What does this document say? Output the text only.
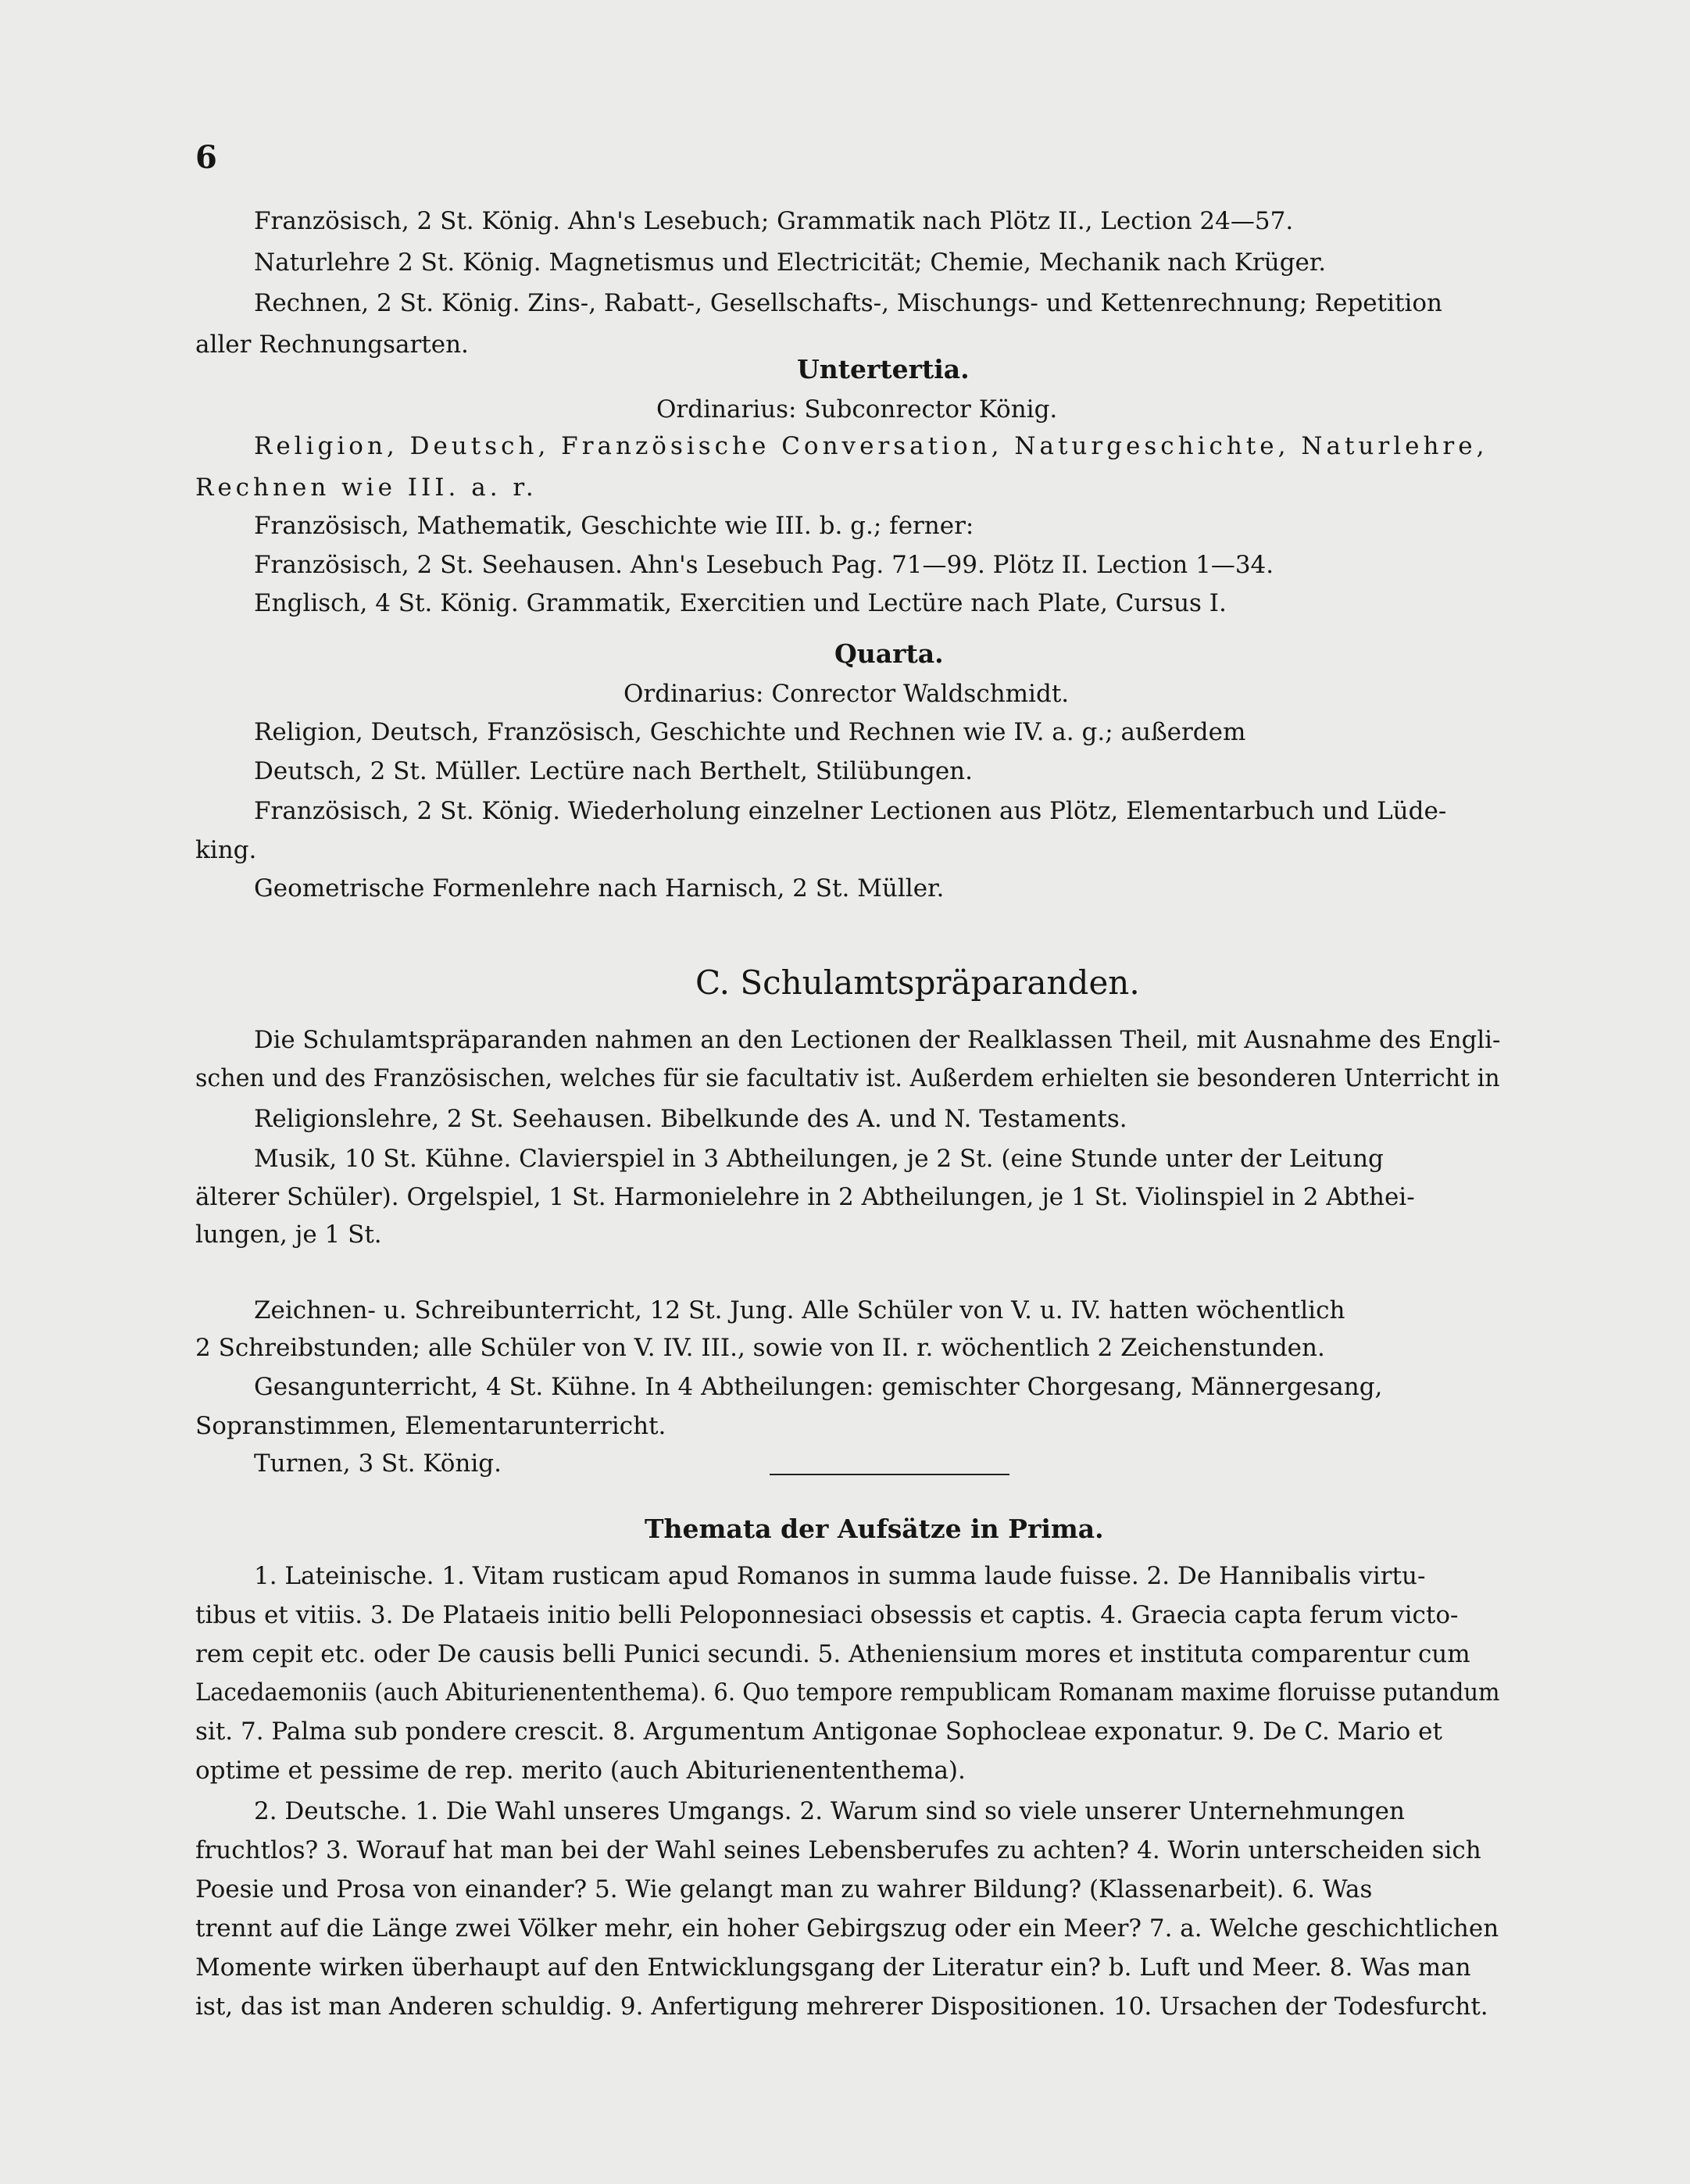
6
Französisch, 2 St. König. Ahn's Lesebuch; Grammatik nach Plötz II., Lection 24—57.
Naturlehre 2 St. König. Magnetismus und Electricität; Chemie, Mechanik nach Krüger.
Rechnen, 2 St. König. Zins-, Rabatt-, Gesellschafts-, Mischungs- und Kettenrechnung; Repetition
aller Rechnungsarten.
Untertertia.
Ordinarius: Subconrector König.
Religion, Deutsch, Französische Conversation, Naturgeschichte, Naturlehre,
Rechnen wie III. a. r.
Französisch, Mathematik, Geschichte wie III. b. g.; ferner:
Französisch, 2 St. Seehausen. Ahn's Lesebuch Pag. 71—99. Plötz II. Lection 1—34.
Englisch, 4 St. König. Grammatik, Exercitien und Lectüre nach Plate, Cursus I.
Quarta.
Ordinarius: Conrector Waldschmidt.
Religion, Deutsch, Französisch, Geschichte und Rechnen wie IV. a. g.; außerdem
Deutsch, 2 St. Müller. Lectüre nach Berthelt, Stilübungen.
Französisch, 2 St. König. Wiederholung einzelner Lectionen aus Plötz, Elementarbuch und Lüde-
king.
Geometrische Formenlehre nach Harnisch, 2 St. Müller.
C. Schulamtspräparanden.
Die Schulamtspräparanden nahmen an den Lectionen der Realklassen Theil, mit Ausnahme des Engli-
schen und des Französischen, welches für sie facultativ ist. Außerdem erhielten sie besonderen Unterricht in
Religionslehre, 2 St. Seehausen. Bibelkunde des A. und N. Testaments.
Musik, 10 St. Kühne. Clavierspiel in 3 Abtheilungen, je 2 St. (eine Stunde unter der Leitung
älterer Schüler). Orgelspiel, 1 St. Harmonielehre in 2 Abtheilungen, je 1 St. Violinspiel in 2 Abthei-
lungen, je 1 St.
Zeichnen- u. Schreibunterricht, 12 St. Jung. Alle Schüler von V. u. IV. hatten wöchentlich
2 Schreibstunden; alle Schüler von V. IV. III., sowie von II. r. wöchentlich 2 Zeichenstunden.
Gesangunterricht, 4 St. Kühne. In 4 Abtheilungen: gemischter Chorgesang, Männergesang,
Sopranstimmen, Elementarunterricht.
Turnen, 3 St. König.
Themata der Aufsätze in Prima.
1. Lateinische. 1. Vitam rusticam apud Romanos in summa laude fuisse. 2. De Hannibalis virtu-
tibus et vitiis. 3. De Plataeis initio belli Peloponnesiaci obsessis et captis. 4. Graecia capta ferum victo-
rem cepit etc. oder De causis belli Punici secundi. 5. Atheniensium mores et instituta comparentur cum
Lacedaemoniis (auch Abiturienententhema). 6. Quo tempore rempublicam Romanam maxime floruisse putandum
sit. 7. Palma sub pondere crescit. 8. Argumentum Antigonae Sophocleae exponatur. 9. De C. Mario et
optime et pessime de rep. merito (auch Abiturienententhema).
2. Deutsche. 1. Die Wahl unseres Umgangs. 2. Warum sind so viele unserer Unternehmungen
fruchtlos? 3. Worauf hat man bei der Wahl seines Lebensberufes zu achten? 4. Worin unterscheiden sich
Poesie und Prosa von einander? 5. Wie gelangt man zu wahrer Bildung? (Klassenarbeit). 6. Was
trennt auf die Länge zwei Völker mehr, ein hoher Gebirgszug oder ein Meer? 7. a. Welche geschichtlichen
Momente wirken überhaupt auf den Entwicklungsgang der Literatur ein? b. Luft und Meer. 8. Was man
ist, das ist man Anderen schuldig. 9. Anfertigung mehrerer Dispositionen. 10. Ursachen der Todesfurcht.
